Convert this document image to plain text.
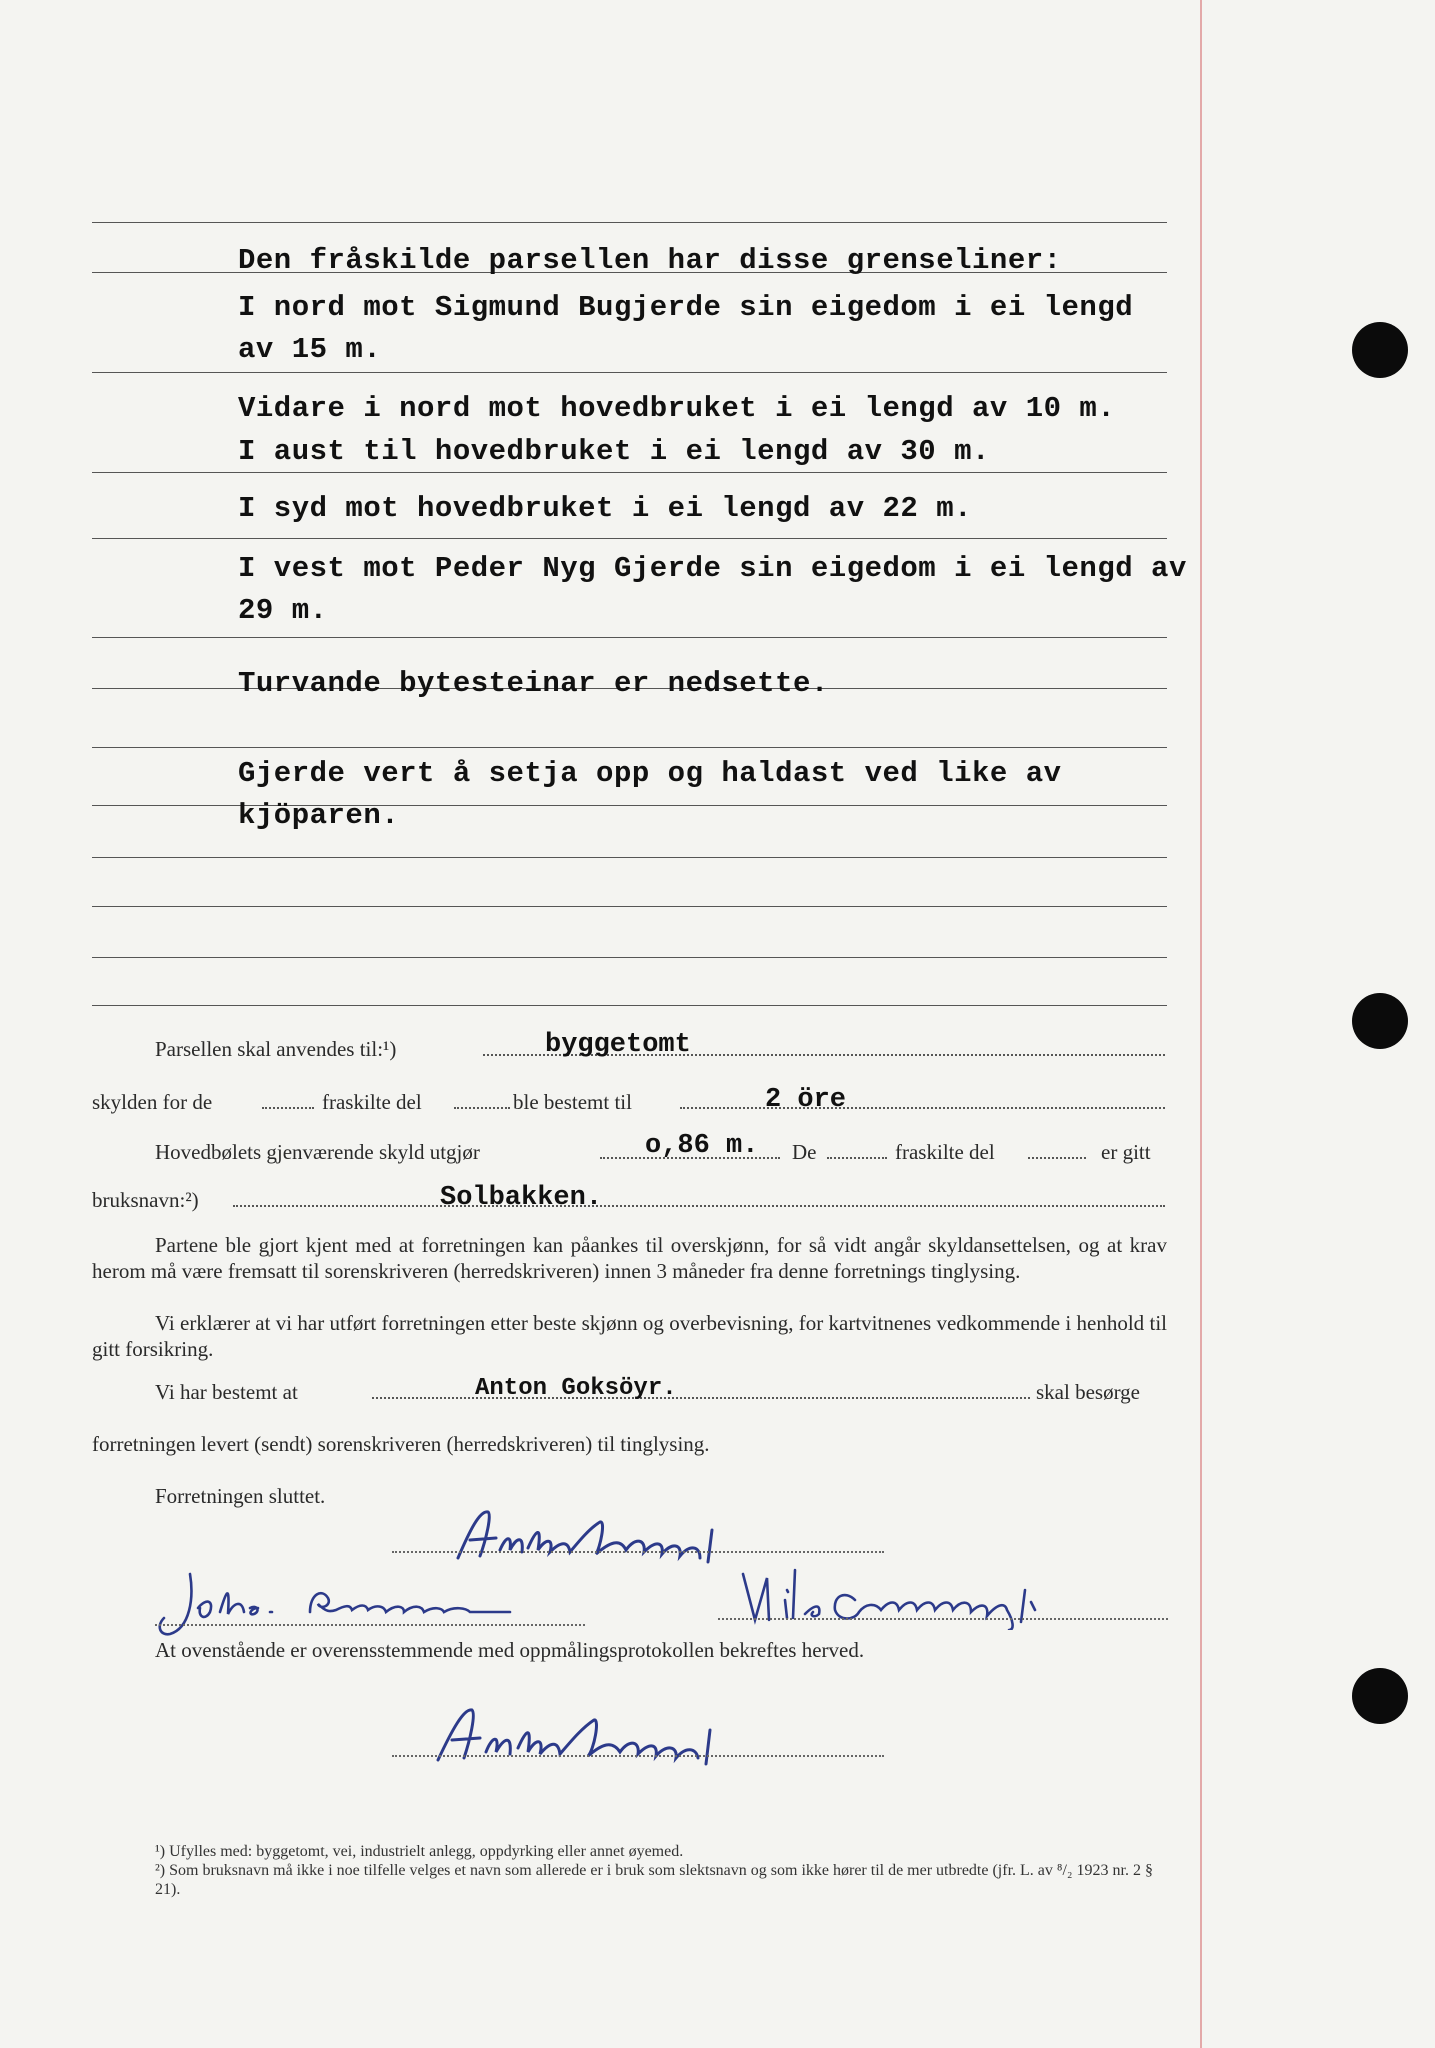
Den fråskilde parsellen har disse grenseliner:
I nord mot Sigmund Bugjerde sin eigedom i ei lengd
av 15 m.
Vidare i nord mot hovedbruket i ei lengd av 10 m.
I aust til hovedbruket i ei lengd av 30 m.
I syd mot hovedbruket i ei lengd av 22 m.
I vest mot Peder Nyg Gjerde sin eigedom i ei lengd av
29 m.
Turvande bytesteinar er nedsette.
Gjerde vert å setja opp og haldast ved like av
kjöparen.
Parsellen skal anvendes til:¹)	byggetomt
skylden for de	fraskilte del	ble bestemt til	2 öre
Hovedbølets gjenværende skyld utgjør	o,86 m. De	fraskilte del	er gitt
bruksnavn:²)	Solbakken.
Partene ble gjort kjent med at forretningen kan påankes til overskjønn, for så vidt angår skyldansettelsen, og at krav herom må være fremsatt til sorenskriveren (herredskriveren) innen 3 måneder fra denne forretnings tinglysing.
Vi erklærer at vi har utført forretningen etter beste skjønn og overbevisning, for kartvitnenes vedkommende i henhold til gitt forsikring.
Vi har bestemt at	Anton Goksöyr.	skal besørge
forretningen levert (sendt) sorenskriveren (herredskriveren) til tinglysing.
Forretningen sluttet.
At ovenstående er overensstemmende med oppmålingsprotokollen bekreftes herved.
¹) Ufylles med: byggetomt, vei, industrielt anlegg, oppdyrking eller annet øyemed.
²) Som bruksnavn må ikke i noe tilfelle velges et navn som allerede er i bruk som slektsnavn og som ikke hører til de mer utbredte (jfr. L. av ⁸/₂ 1923 nr. 2 § 21).
